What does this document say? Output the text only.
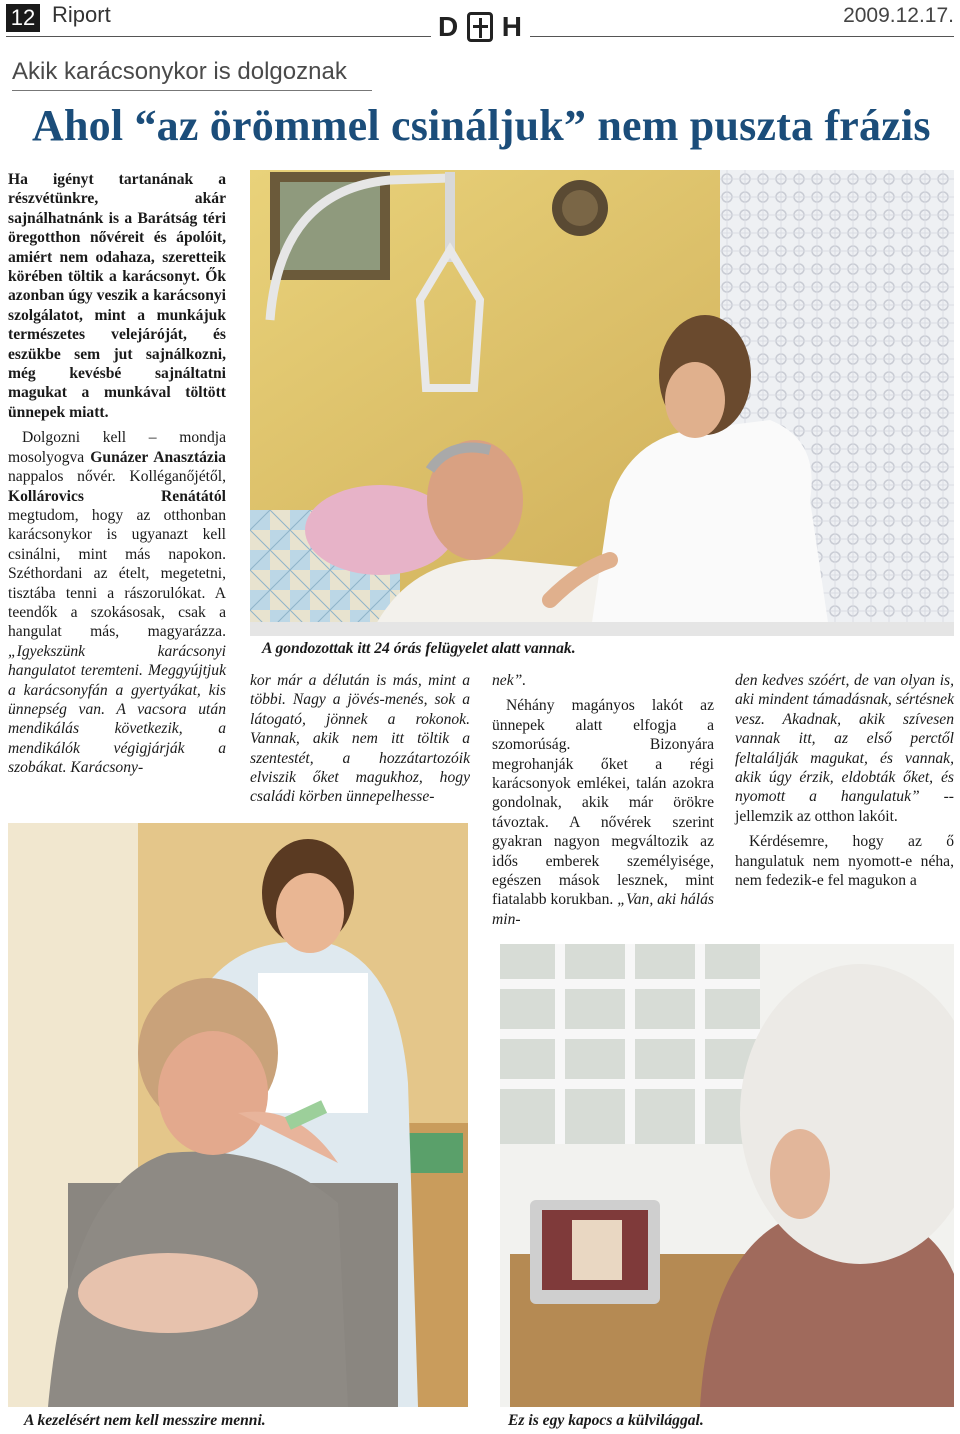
12 Riport	D H	2009.12.17.
Akik karácsonykor is dolgoznak
Ahol “az örömmel csináljuk” nem puszta frázis

Ha igényt tartanának a részvétünkre, akár sajnálhatnánk is a Barátság téri öregotthon nővéreit és ápolóit, amiért nem odahaza, szeretteik körében töltik a karácsonyt. Ők azonban úgy veszik a karácsonyi szolgálatot, mint a munkájuk természetes velejáróját, és eszükbe sem jut sajnálkozni, még kevésbé sajnáltatni magukat a munkával töltött ünnepek miatt.

Dolgozni kell – mondja mosolyogva Gunázer Anasztázia nappalos nővér. Kolléganőjétől, Kollárovics Renátától megtudom, hogy az otthonban karácsonykor is ugyanazt kell csinálni, mint más napokon. Széthordani az ételt, megetetni, tisztába tenni a rászorulókat. A teendők a szokásosak, csak a hangulat más, magyarázza. „Igyekszünk karácsonyi hangulatot teremteni. Meggyújtjuk a karácsonyfán a gyertyákat, kis ünnepség van. A vacsora után mendikálás következik, a mendikálók végigjárják a szobákat. Karácsony-

A gondozottak itt 24 órás felügyelet alatt vannak.

kor már a délután is más, mint a többi. Nagy a jövés-menés, sok a látogató, jönnek a rokonok. Vannak, akik nem itt töltik a szentestét, a hozzátartozóik elviszik őket magukhoz, hogy családi körben ünnepelhesse-

nek”.

Néhány magányos lakót az ünnepek alatt elfogja a szomorúság. Bizonyára megrohanják őket a régi karácsonyok emlékei, talán azokra gondolnak, akik már örökre távoztak. A nővérek szerint gyakran nagyon megváltozik az idős emberek személyisége, egészen mások lesznek, mint fiatalabb korukban. „Van, aki hálás min-

den kedves szóért, de van olyan is, aki mindent támadásnak, sértésnek vesz. Akadnak, akik szívesen vannak itt, az első perctől feltalálják magukat, és vannak, akik úgy érzik, eldobták őket, és nyomott a hangulatuk” -- jellemzik az otthon lakóit.

Kérdésemre, hogy az ő hangulatuk nem nyomott-e néha, nem fedezik-e fel magukon a

A kezelésért nem kell messzire menni.	Ez is egy kapocs a külvilággal.
